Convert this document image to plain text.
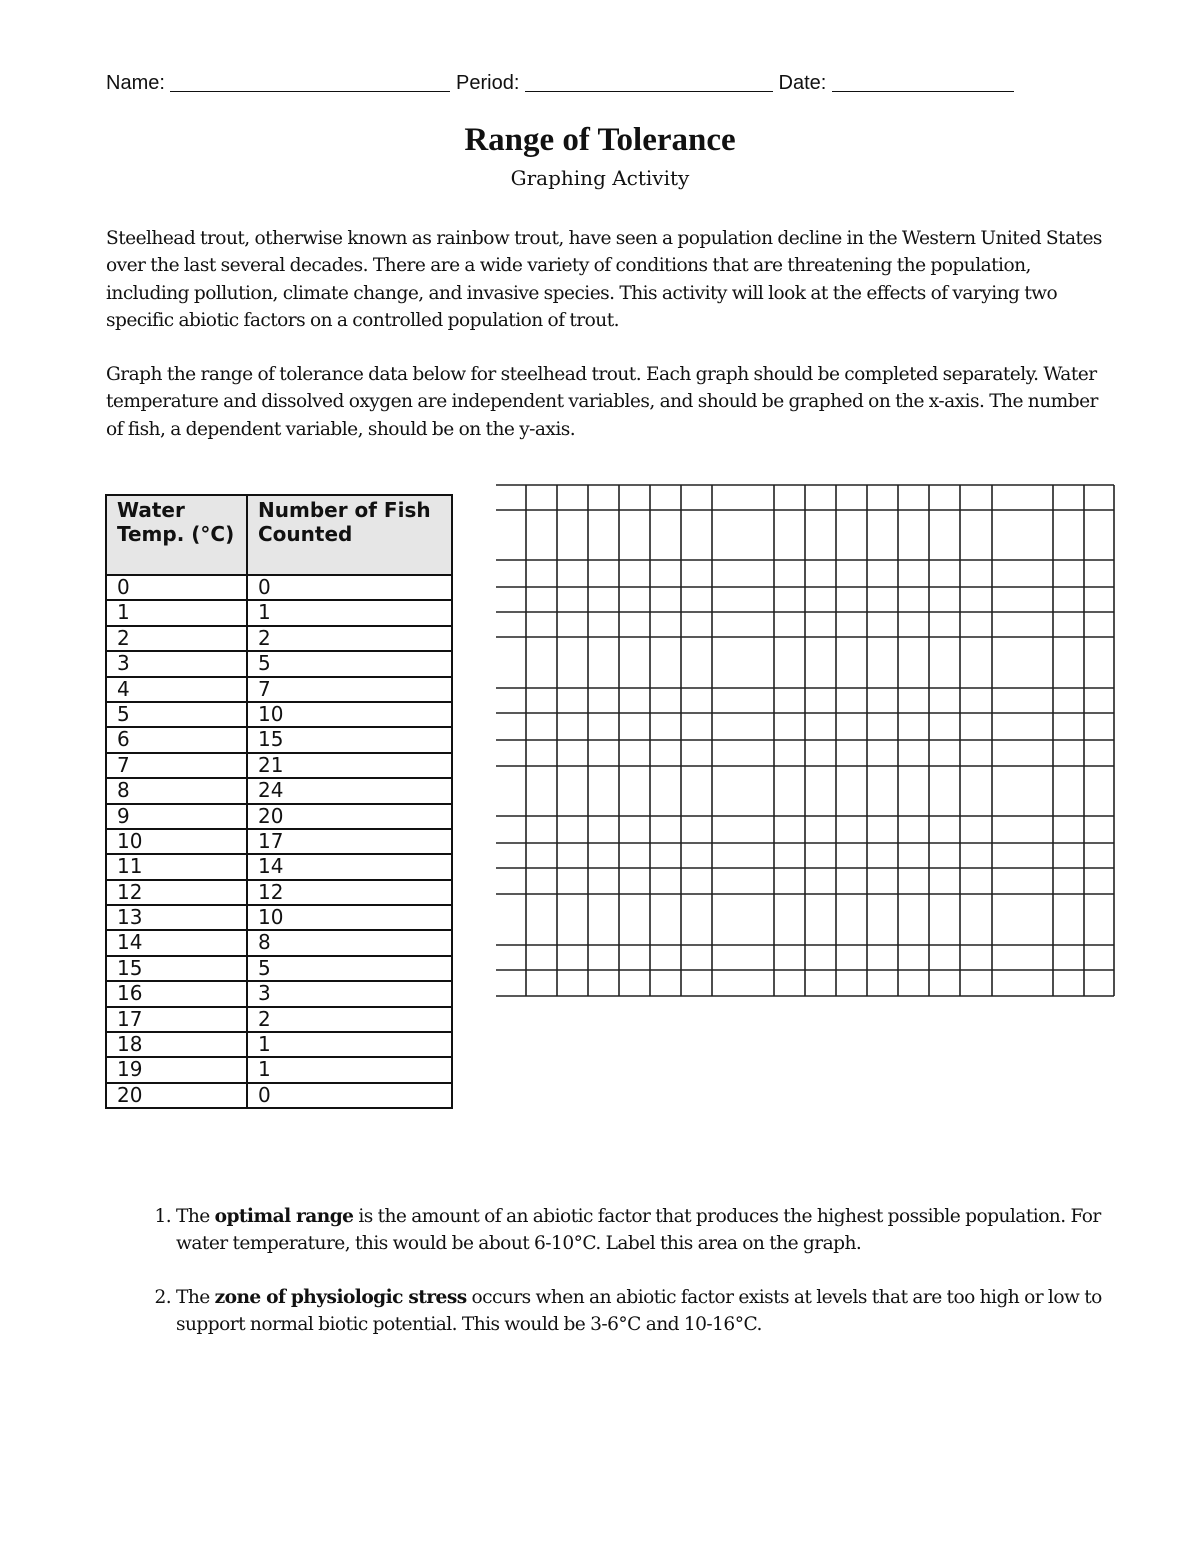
Name:	Period:	Date:
Range of Tolerance
Graphing Activity
Steelhead trout, otherwise known as rainbow trout, have seen a population decline in the Western United States over the last several decades. There are a wide variety of conditions that are threatening the population, including pollution, climate change, and invasive species. This activity will look at the effects of varying two specific abiotic factors on a controlled population of trout.
Graph the range of tolerance data below for steelhead trout. Each graph should be completed separately. Water temperature and dissolved oxygen are independent variables, and should be graphed on the x-axis. The number of fish, a dependent variable, should be on the y-axis.
Water Temp. (°C)	Number of Fish Counted
0	0
1	1
2	2
3	5
4	7
5	10
6	15
7	21
8	24
9	20
10	17
11	14
12	12
13	10
14	8
15	5
16	3
17	2
18	1
19	1
20	0
1. The optimal range is the amount of an abiotic factor that produces the highest possible population. For water temperature, this would be about 6-10°C. Label this area on the graph.
2. The zone of physiologic stress occurs when an abiotic factor exists at levels that are too high or low to support normal biotic potential. This would be 3-6°C and 10-16°C.
